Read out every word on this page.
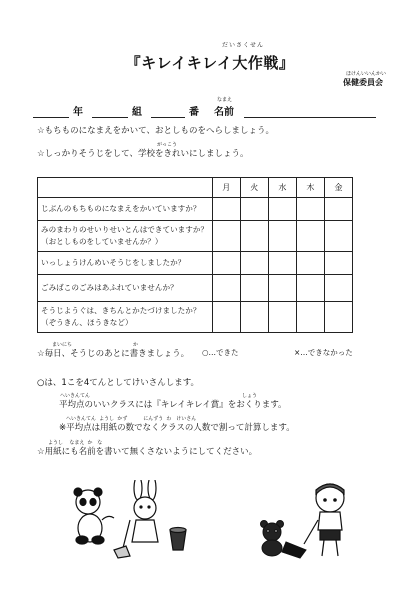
だいさくせん
『キレイキレイ大作戦』
ほけんいいんかい
保健委員会
年	組	番
なまえ
名前
☆もちものになまえをかいて、おとしものをへらしましょう。
がっこう
☆しっかりそうじをして、学校をきれいにしましょう。
	月	火	水	木	金

じぶんのもちものになまえをかいていますか？					

みのまわりのせいりせいとんはできていますか？
（おとしものをしていませんか？）					

いっしょうけんめいそうじをしましたか？					

ごみばこのごみはあふれていませんか？					

そうじようぐは、きちんとかたづけましたか？
（ぞうきん、ほうきなど）					

まいにち	か
☆毎日、そうじのあとに書きましょう。 ○…できた	×…できなかった
○は、1こを4てんとしてけいさんします。
へいきんてん	しょう
平均点のいいクラスには『キレイキレイ賞』をおくります。
へいきんてん  ようし  かず          にんずう  わ   けいさん
※平均点は用紙の数でなくクラスの人数で割って計算します。
ようし    なまえ  か   な
☆用紙にも名前を書いて無くさないようにしてください。
